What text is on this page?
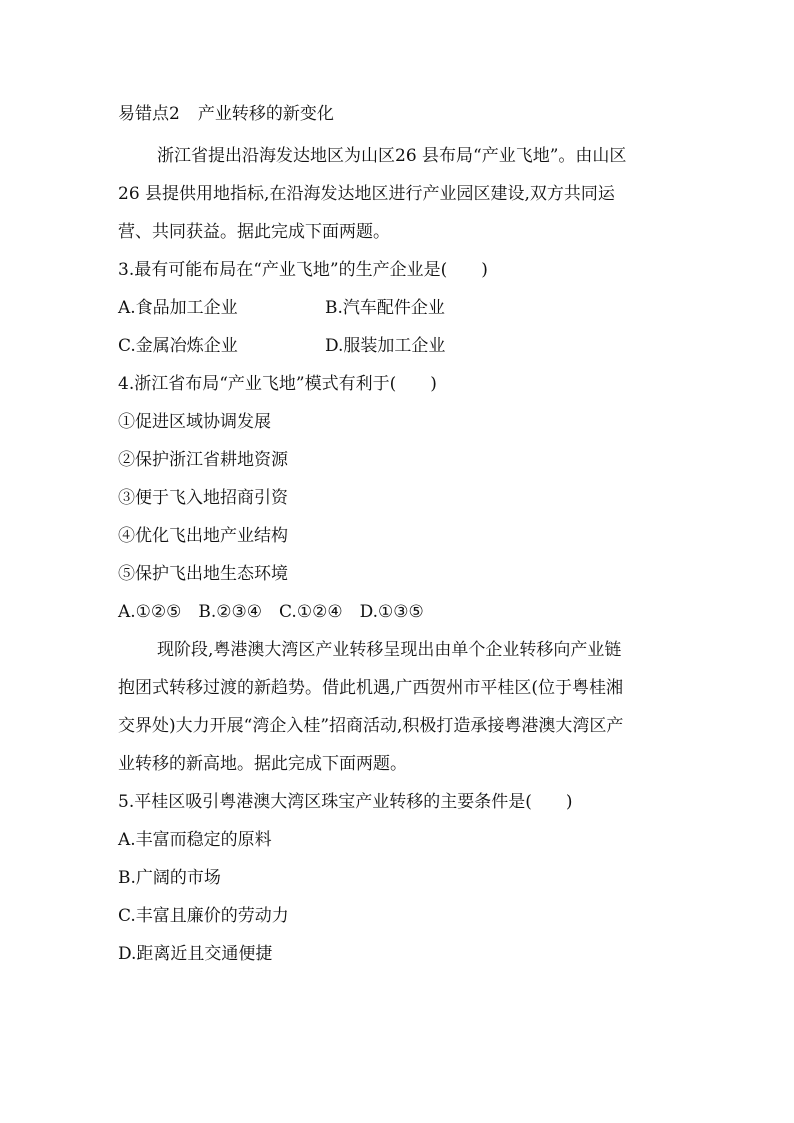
易错点2 产业转移的新变化
浙江省提出沿海发达地区为山区26 县布局“产业飞地”。由山区
26 县提供用地指标,在沿海发达地区进行产业园区建设,双方共同运
营、共同获益。据此完成下面两题。
3.最有可能布局在“产业飞地”的生产企业是(　　)
A.食品加工企业	B.汽车配件企业
C.金属冶炼企业	D.服装加工企业
4.浙江省布局“产业飞地”模式有利于(　　)
①促进区域协调发展
②保护浙江省耕地资源
③便于飞入地招商引资
④优化飞出地产业结构
⑤保护飞出地生态环境
A.①②⑤ B.②③④ C.①②④ D.①③⑤
现阶段,粤港澳大湾区产业转移呈现出由单个企业转移向产业链
抱团式转移过渡的新趋势。借此机遇,广西贺州市平桂区(位于粤桂湘
交界处)大力开展“湾企入桂”招商活动,积极打造承接粤港澳大湾区产
业转移的新高地。据此完成下面两题。
5.平桂区吸引粤港澳大湾区珠宝产业转移的主要条件是(　　)
A.丰富而稳定的原料
B.广阔的市场
C.丰富且廉价的劳动力
D.距离近且交通便捷
